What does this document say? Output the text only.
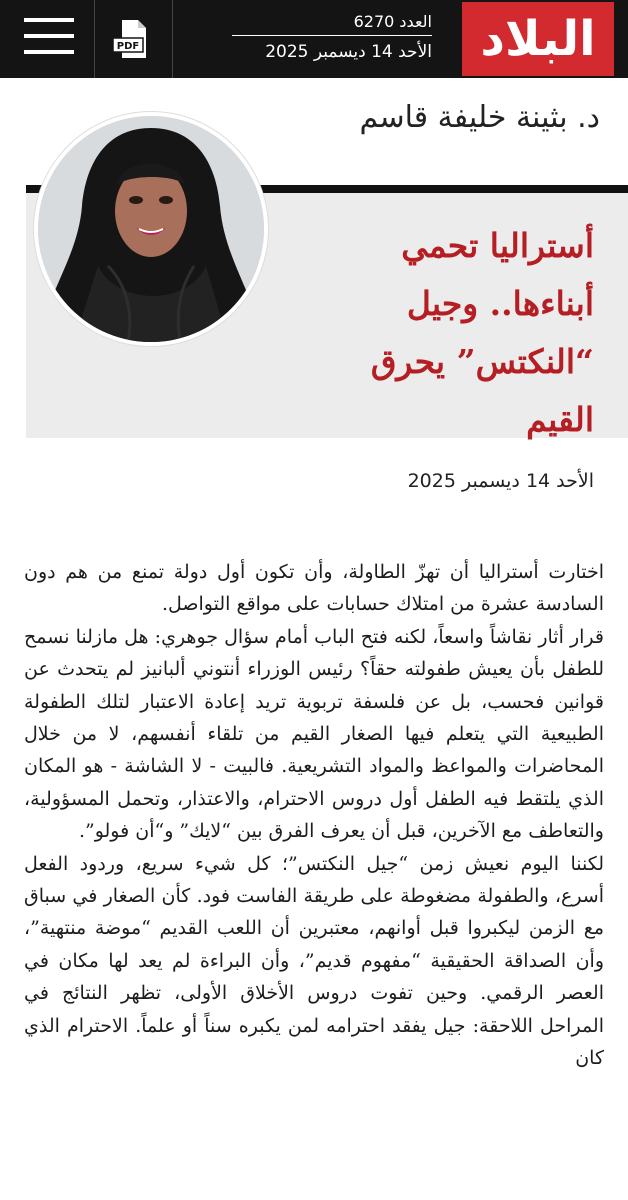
PDF
العدد 6270
الأحد 14 ديسمبر 2025 البلاد
د. بثينة خليفة قاسم
أستراليا تحمي أبناءها.. وجيل “النكتس” يحرق القيم
الأحد 14 ديسمبر 2025

اختارت أستراليا أن تهزّ الطاولة، وأن تكون أول دولة تمنع من هم دون السادسة عشرة من امتلاك حسابات على مواقع التواصل.

قرار أثار نقاشاً واسعاً، لكنه فتح الباب أمام سؤال جوهري: هل مازلنا نسمح للطفل بأن يعيش طفولته حقاً؟ رئيس الوزراء أنتوني ألبانيز لم يتحدث عن قوانين فحسب، بل عن فلسفة تربوية تريد إعادة الاعتبار لتلك الطفولة الطبيعية التي يتعلم فيها الصغار القيم من تلقاء أنفسهم، لا من خلال المحاضرات والمواعظ والمواد التشريعية. فالبيت - لا الشاشة - هو المكان الذي يلتقط فيه الطفل أول دروس الاحترام، والاعتذار، وتحمل المسؤولية، والتعاطف مع الآخرين، قبل أن يعرف الفرق بين “لايك” و“أن فولو”.

لكننا اليوم نعيش زمن “جيل النكتس”؛ كل شيء سريع، وردود الفعل أسرع، والطفولة مضغوطة على طريقة الفاست فود. كأن الصغار في سباق مع الزمن ليكبروا قبل أوانهم، معتبرين أن اللعب القديم “موضة منتهية”، وأن الصداقة الحقيقية “مفهوم قديم”، وأن البراءة لم يعد لها مكان في العصر الرقمي. وحين تفوت دروس الأخلاق الأولى، تظهر النتائج في المراحل اللاحقة: جيل يفقد احترامه لمن يكبره سناً أو علماً. الاحترام الذي كان
